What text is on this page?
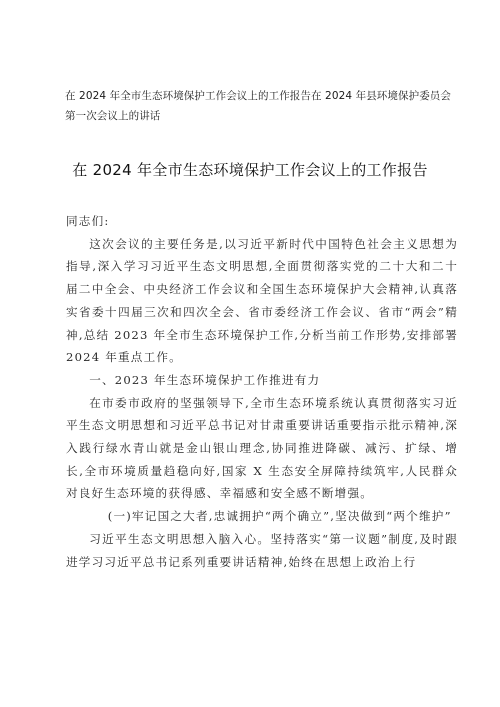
在 2024 年全市生态环境保护工作会议上的工作报告在 2024 年县环境保护委员会第一次会议上的讲话
在 2024 年全市生态环境保护工作会议上的工作报告

同志们:

这次会议的主要任务是,以习近平新时代中国特色社会主义思想为指导,深入学习习近平生态文明思想,全面贯彻落实党的二十大和二十届二中全会、中央经济工作会议和全国生态环境保护大会精神,认真落实省委十四届三次和四次全会、省市委经济工作会议、省市“两会”精神,总结 2023 年全市生态环境保护工作,分析当前工作形势,安排部署 2024 年重点工作。

一、2023 年生态环境保护工作推进有力

在市委市政府的坚强领导下,全市生态环境系统认真贯彻落实习近平生态文明思想和习近平总书记对甘肃重要讲话重要指示批示精神,深入践行绿水青山就是金山银山理念,协同推进降碳、减污、扩绿、增长,全市环境质量趋稳向好,国家 X 生态安全屏障持续筑牢,人民群众对良好生态环境的获得感、幸福感和安全感不断增强。

(一)牢记国之大者,忠诚拥护“两个确立”,坚决做到“两个维护”

习近平生态文明思想入脑入心。坚持落实“第一议题”制度,及时跟进学习习近平总书记系列重要讲话精神,始终在思想上政治上行
